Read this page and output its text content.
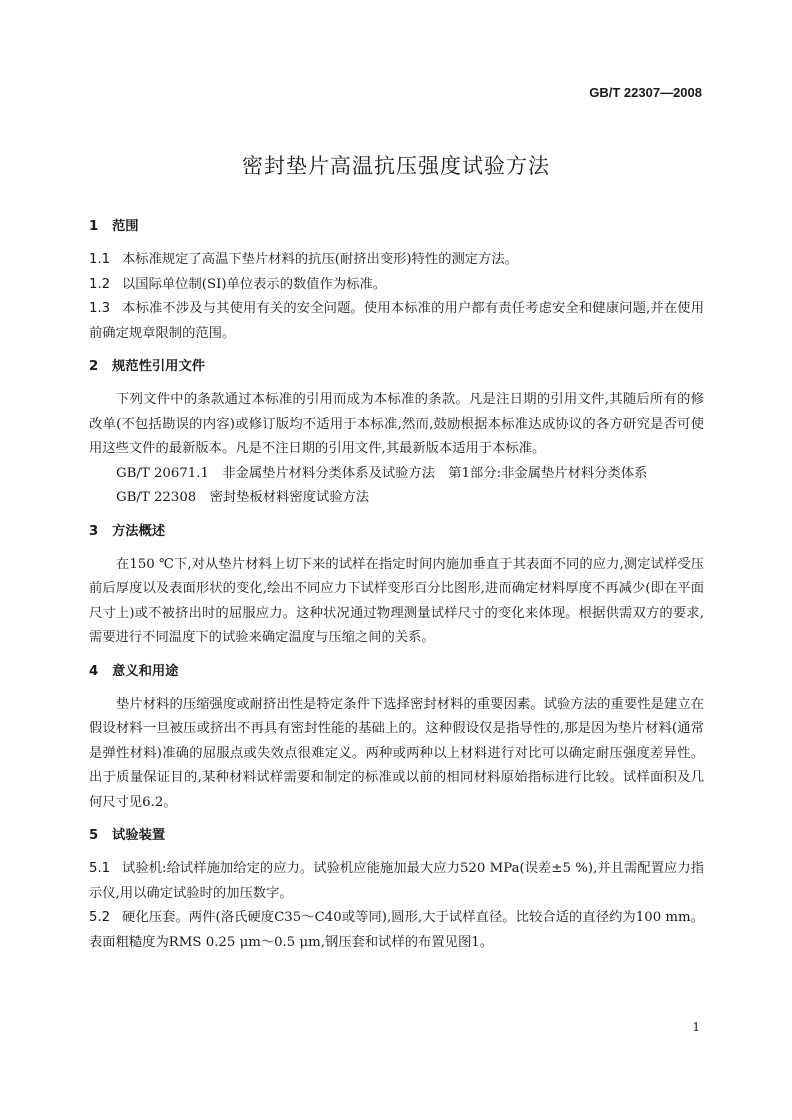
GB/T 22307—2008
密封垫片高温抗压强度试验方法
1 范围

1.1 本标准规定了高温下垫片材料的抗压(耐挤出变形)特性的测定方法。

1.2 以国际单位制(SI)单位表示的数值作为标准。

1.3 本标准不涉及与其使用有关的安全问题。使用本标准的用户都有责任考虑安全和健康问题,并在使用前确定规章限制的范围。

2 规范性引用文件

下列文件中的条款通过本标准的引用而成为本标准的条款。凡是注日期的引用文件,其随后所有的修改单(不包括勘误的内容)或修订版均不适用于本标准,然而,鼓励根据本标准达成协议的各方研究是否可使用这些文件的最新版本。凡是不注日期的引用文件,其最新版本适用于本标准。

GB/T 20671.1　非金属垫片材料分类体系及试验方法　第1部分:非金属垫片材料分类体系

GB/T 22308　密封垫板材料密度试验方法

3 方法概述

在150 ℃下,对从垫片材料上切下来的试样在指定时间内施加垂直于其表面不同的应力,测定试样受压前后厚度以及表面形状的变化,绘出不同应力下试样变形百分比图形,进而确定材料厚度不再减少(即在平面尺寸上)或不被挤出时的屈服应力。这种状况通过物理测量试样尺寸的变化来体现。根据供需双方的要求,需要进行不同温度下的试验来确定温度与压缩之间的关系。

4 意义和用途

垫片材料的压缩强度或耐挤出性是特定条件下选择密封材料的重要因素。试验方法的重要性是建立在假设材料一旦被压或挤出不再具有密封性能的基础上的。这种假设仅是指导性的,那是因为垫片材料(通常是弹性材料)准确的屈服点或失效点很难定义。两种或两种以上材料进行对比可以确定耐压强度差异性。出于质量保证目的,某种材料试样需要和制定的标准或以前的相同材料原始指标进行比较。试样面积及几何尺寸见6.2。

5 试验装置

5.1 试验机:给试样施加给定的应力。试验机应能施加最大应力520 MPa(误差±5 %),并且需配置应力指示仪,用以确定试验时的加压数字。

5.2 硬化压套。两件(洛氏硬度C35～C40或等同),圆形,大于试样直径。比较合适的直径约为100 mm。表面粗糙度为RMS 0.25 μm～0.5 μm,钢压套和试样的布置见图1。

1
